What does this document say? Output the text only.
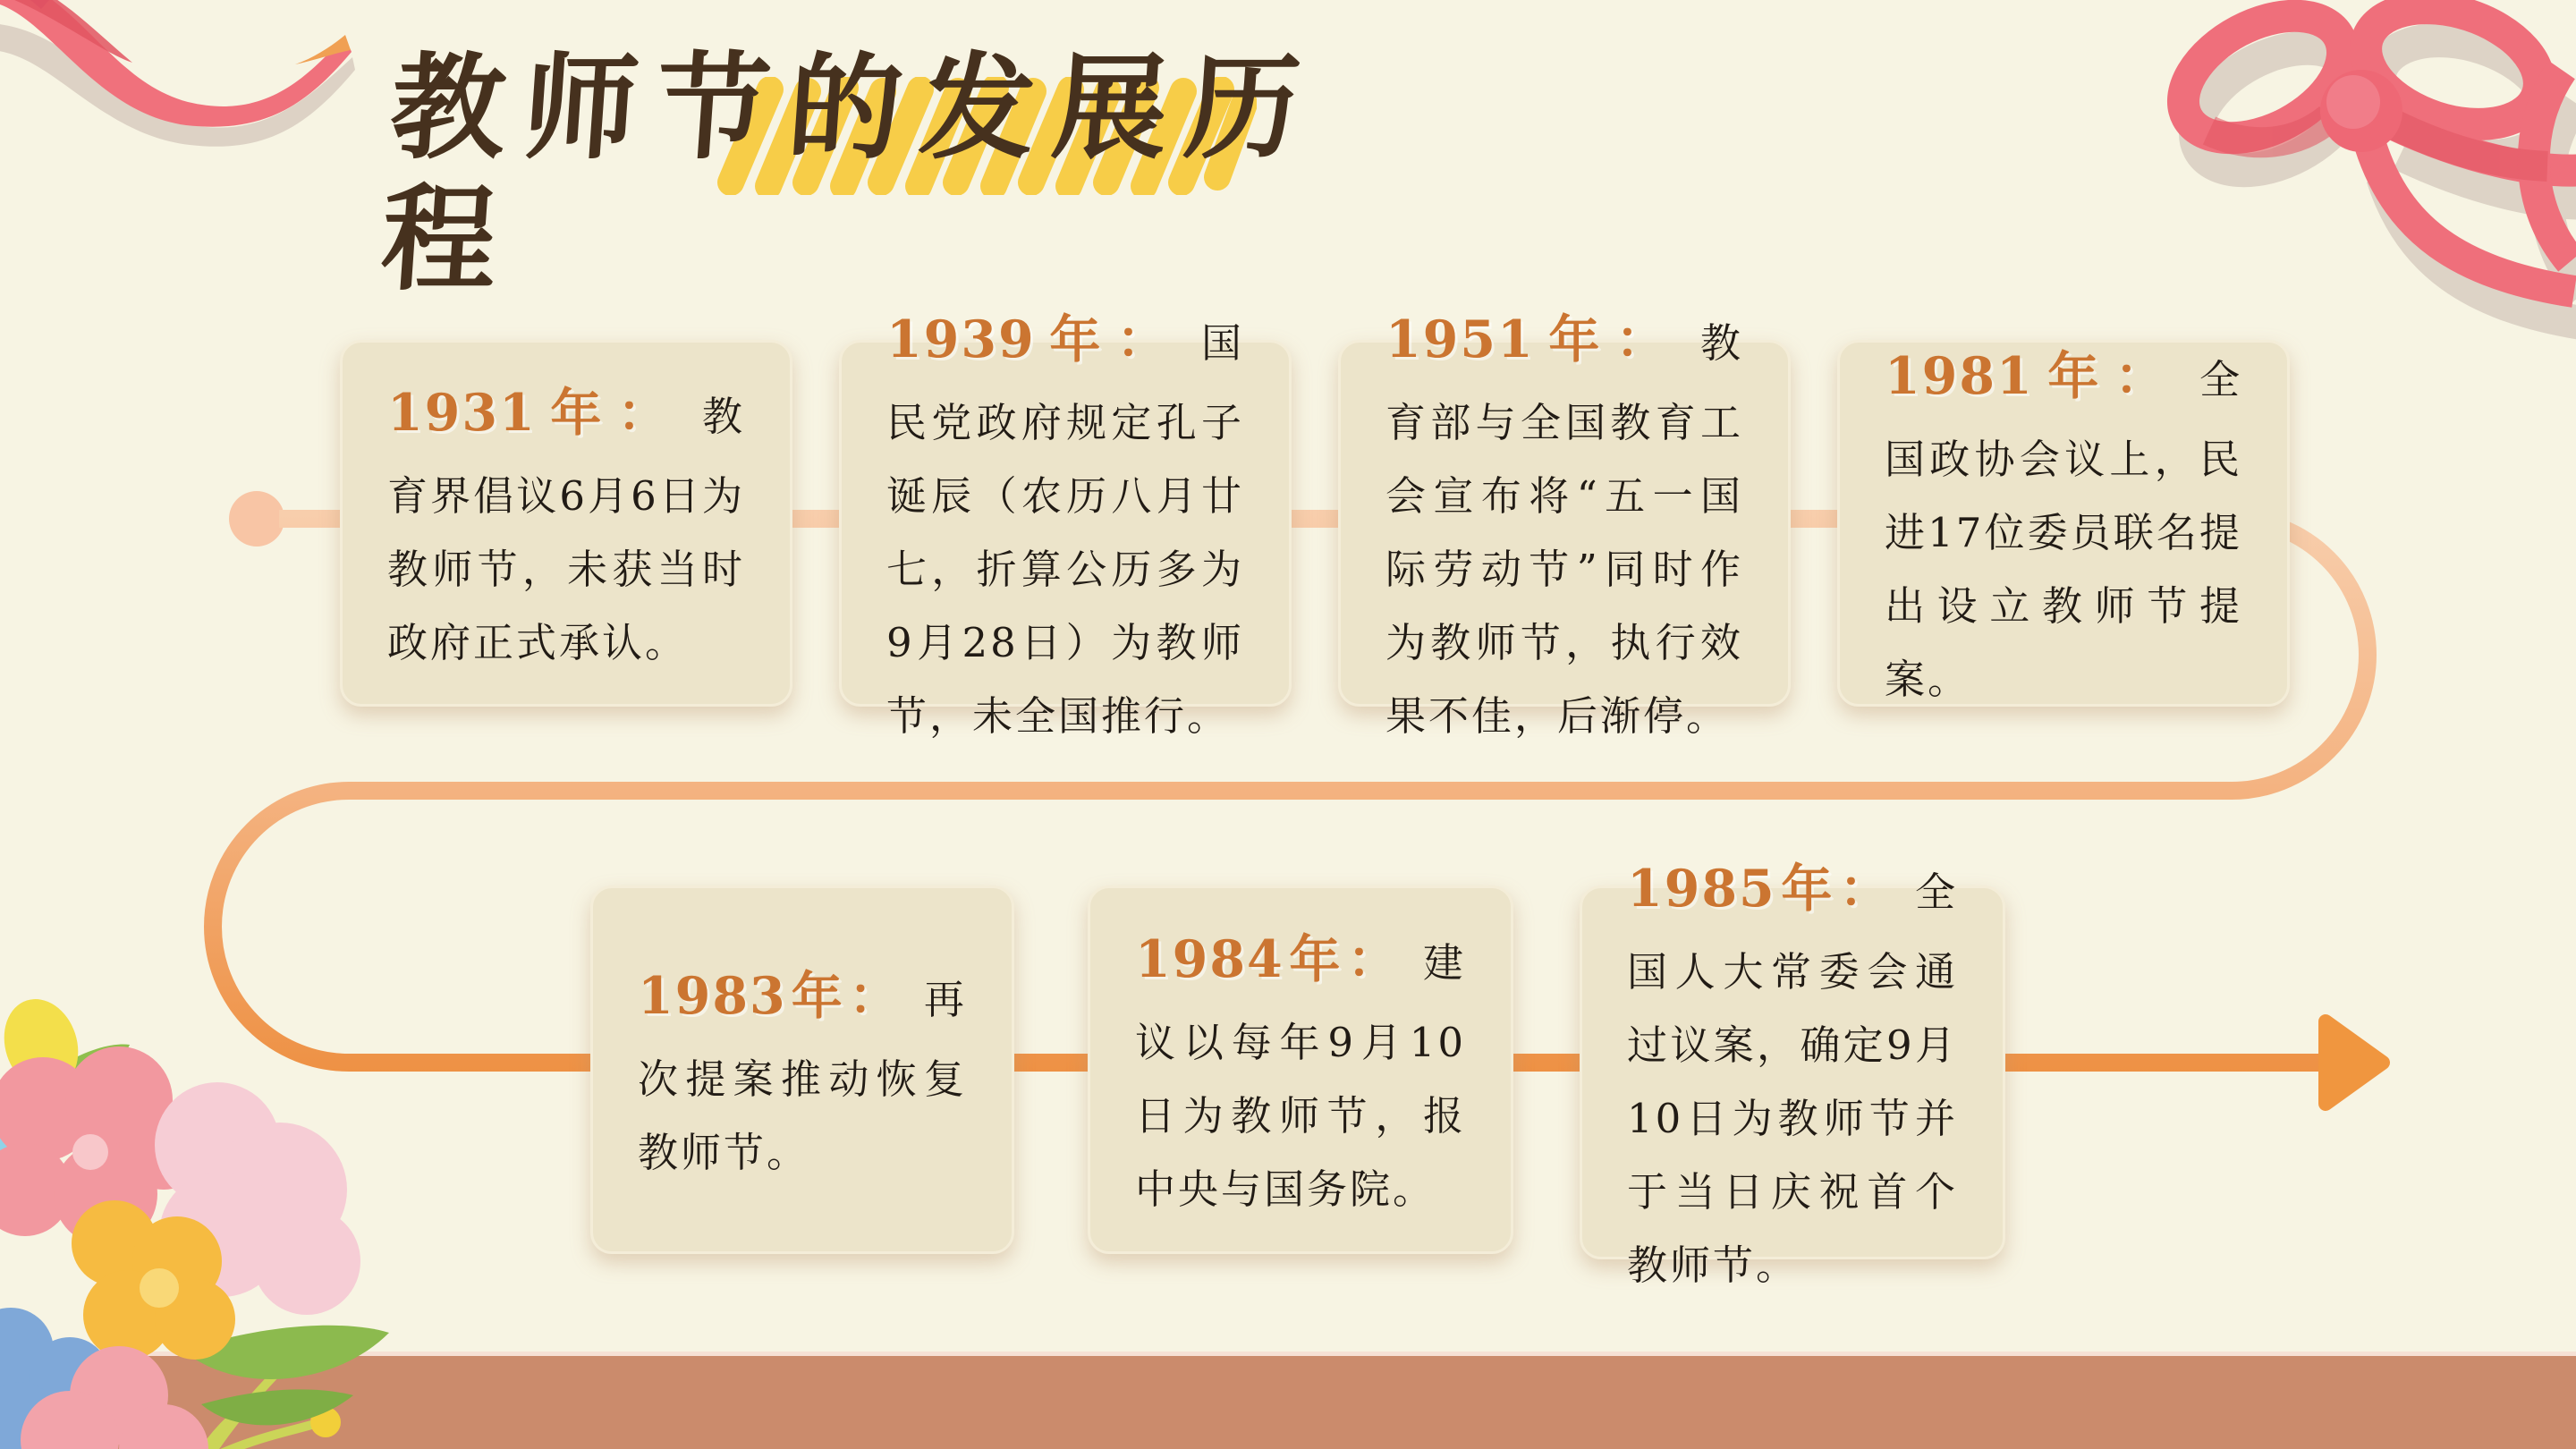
教师节的发展历程
1931年： 教育界倡议6月6日为教师节，未获当时政府正式承认。
1939年： 国民党政府规定孔子诞辰（农历八月廿七，折算公历多为9月28日）为教师节，未全国推行。
1951年： 教育部与全国教育工会宣布将“五一国际劳动节”同时作为教师节，执行效果不佳，后渐停。
1981年： 全国政协会议上，民进17位委员联名提出设立教师节提案。
1983年： 再次提案推动恢复教师节。
1984年： 建议以每年9月10日为教师节，报中央与国务院。
1985年： 全国人大常委会通过议案，确定9月10日为教师节并于当日庆祝首个教师节。
